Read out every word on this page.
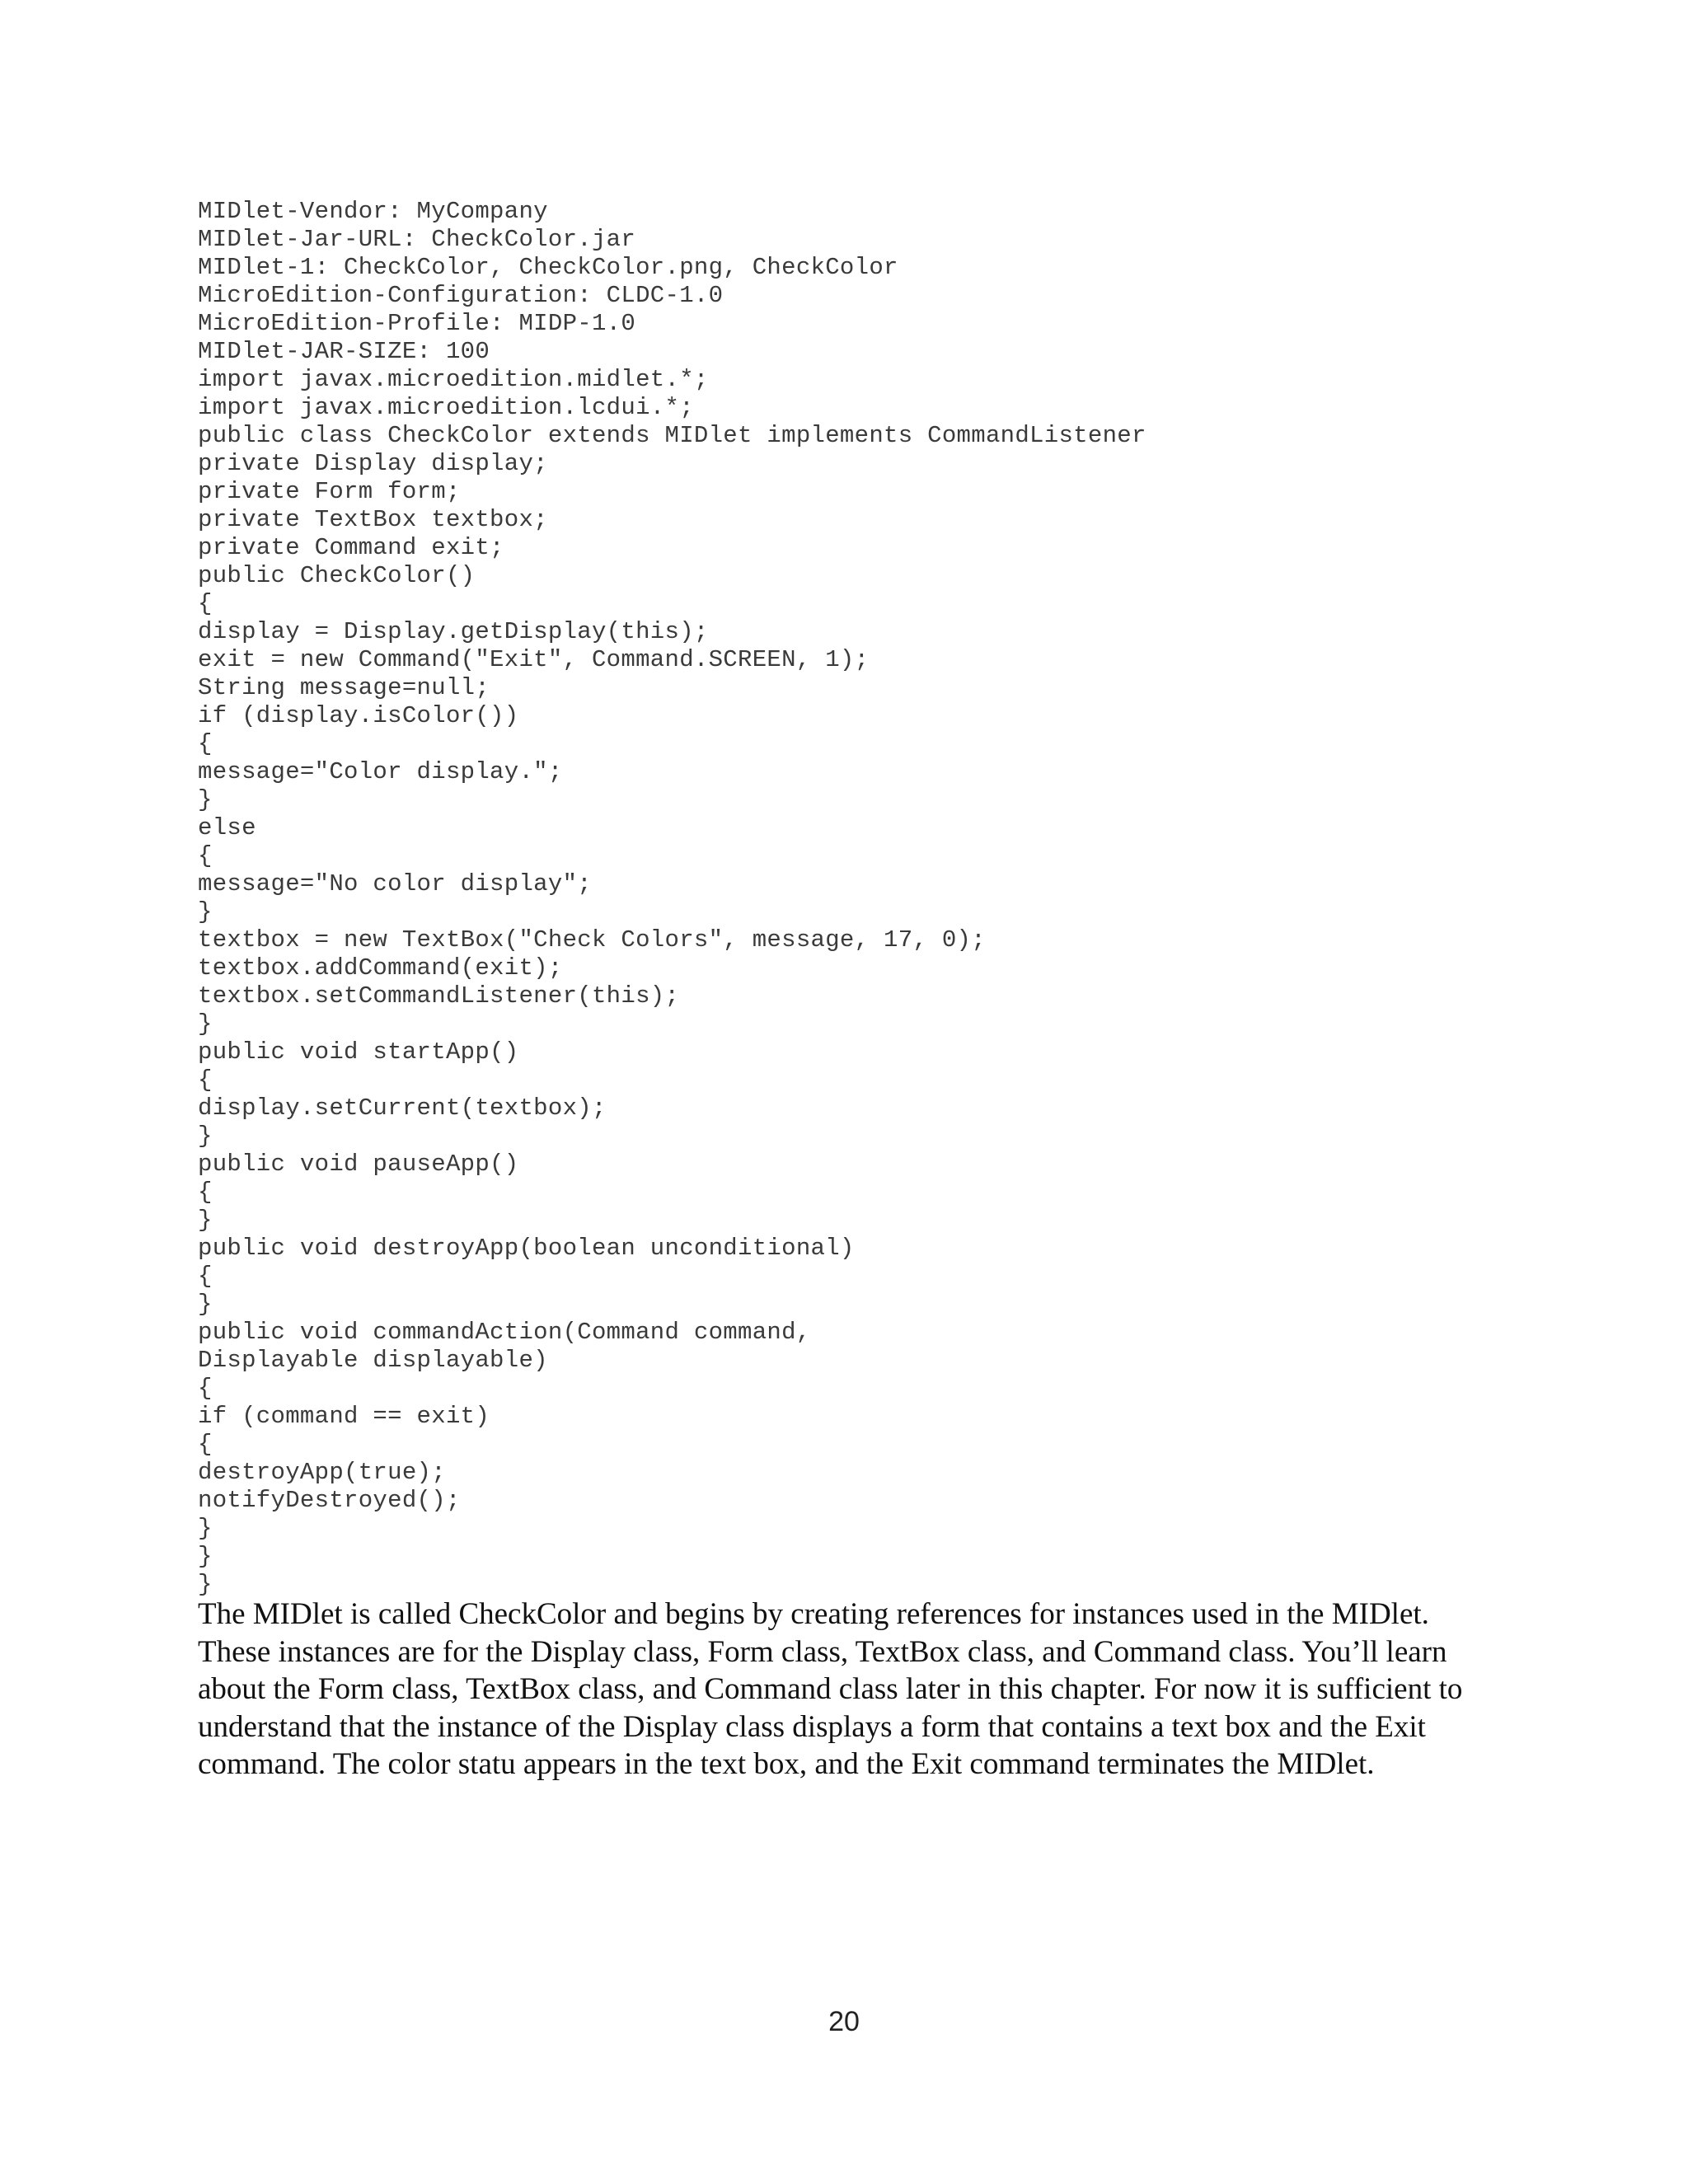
MIDlet-Vendor: MyCompany
MIDlet-Jar-URL: CheckColor.jar
MIDlet-1: CheckColor, CheckColor.png, CheckColor
MicroEdition-Configuration: CLDC-1.0
MicroEdition-Profile: MIDP-1.0
MIDlet-JAR-SIZE: 100
import javax.microedition.midlet.*;
import javax.microedition.lcdui.*;
public class CheckColor extends MIDlet implements CommandListener
private Display display;
private Form form;
private TextBox textbox;
private Command exit;
public CheckColor()
{
display = Display.getDisplay(this);
exit = new Command("Exit", Command.SCREEN, 1);
String message=null;
if (display.isColor())
{
message="Color display.";
}
else
{
message="No color display";
}
textbox = new TextBox("Check Colors", message, 17, 0);
textbox.addCommand(exit);
textbox.setCommandListener(this);
}
public void startApp()
{
display.setCurrent(textbox);
}
public void pauseApp()
{
}
public void destroyApp(boolean unconditional)
{
}
public void commandAction(Command command,
Displayable displayable)
{
if (command == exit)
{
destroyApp(true);
notifyDestroyed();
}
}
}

The MIDlet is called CheckColor and begins by creating references for instances used in the MIDlet. These instances are for the Display class, Form class, TextBox class, and Command class. You’ll learn about the Form class, TextBox class, and Command class later in this chapter. For now it is sufficient to understand that the instance of the Display class displays a form that contains a text box and the Exit command. The color statu appears in the text box, and the Exit command terminates the MIDlet.

20
